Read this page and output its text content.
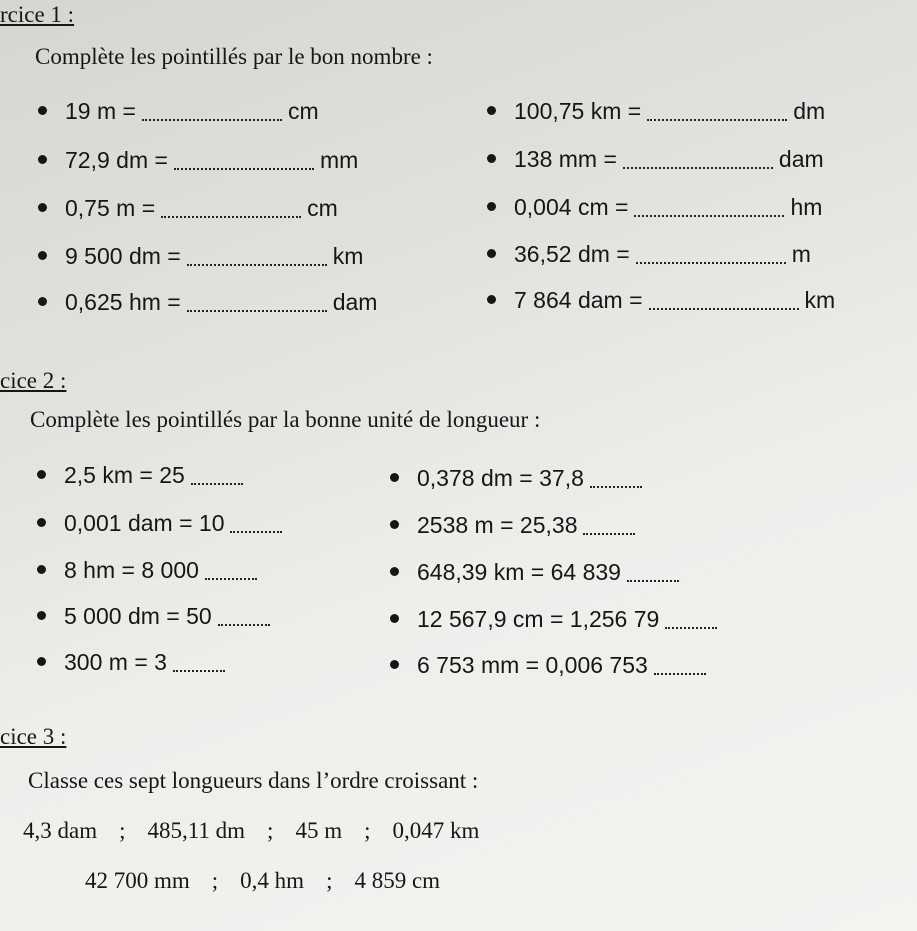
rcice 1 :
Complète les pointillés par le bon nombre :
19 m =	cm	100,75 km =	dm
72,9 dm =	mm	138 mm =	dam
0,75 m =	cm	0,004 cm =	hm
9 500 dm =	km	36,52 dm =	m
0,625 hm =	dam	7 864 dam =	km
cice 2 :
Complète les pointillés par la bonne unité de longueur :
2,5 km = 25	0,378 dm = 37,8
0,001 dam = 10	2538 m = 25,38
8 hm = 8 000	648,39 km = 64 839
5 000 dm = 50	12 567,9 cm = 1,256 79
300 m = 3	6 753 mm = 0,006 753
cice 3 :
Classe ces sept longueurs dans l’ordre croissant :
4,3 dam ; 485,11 dm ; 45 m ; 0,047 km
42 700 mm ; 0,4 hm ; 4 859 cm
